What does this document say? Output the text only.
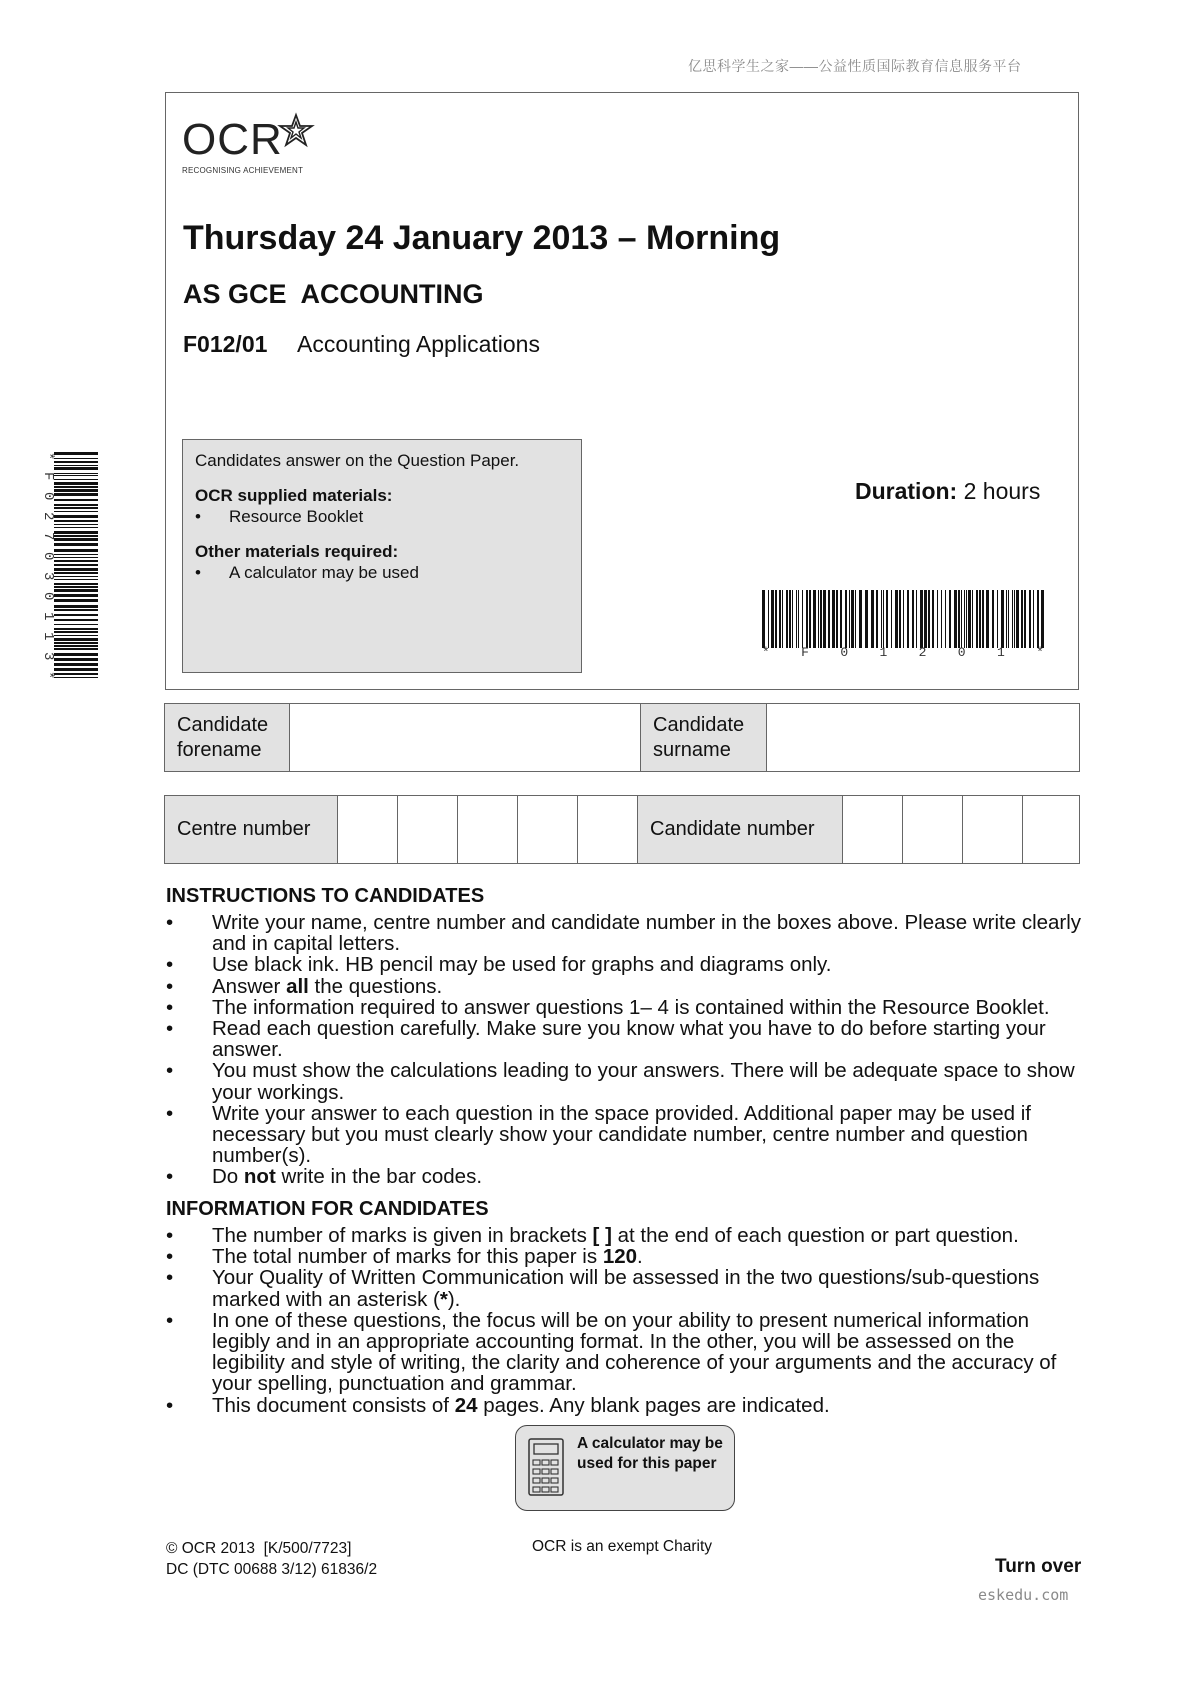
亿思科学生之家——公益性质国际教育信息服务平台
OCR
RECOGNISING ACHIEVEMENT
Thursday 24 January 2013 – Morning
AS GCE  ACCOUNTING
F012/01 Accounting Applications

Candidates answer on the Question Paper.

OCR supplied materials:

•	Resource Booklet

Other materials required:

•	A calculator may be used
Duration: 2 hours
* F 0 1 2 0 1 *
*
F
0
2
7
0
3
0
1
1
3
*
Candidate forename
Candidate surname
Centre number	Candidate number
INSTRUCTIONS TO CANDIDATES
•	Write your name, centre number and candidate number in the boxes above. Please write clearly and in capital letters.
•	Use black ink. HB pencil may be used for graphs and diagrams only.
•	Answer all the questions.
•	The information required to answer questions 1– 4 is contained within the Resource Booklet.
•	Read each question carefully. Make sure you know what you have to do before starting your answer.
•	You must show the calculations leading to your answers. There will be adequate space to show your workings.
•	Write your answer to each question in the space provided. Additional paper may be used if necessary but you must clearly show your candidate number, centre number and question number(s).
•	Do not write in the bar codes.
INFORMATION FOR CANDIDATES
•	The number of marks is given in brackets [ ] at the end of each question or part question.
•	The total number of marks for this paper is 120.
•	Your Quality of Written Communication will be assessed in the two questions/sub-questions marked with an asterisk (*).
•	In one of these questions, the focus will be on your ability to present numerical information legibly and in an appropriate accounting format. In the other, you will be assessed on the legibility and style of writing, the clarity and coherence of your arguments and the accuracy of your spelling, punctuation and grammar.
•	This document consists of 24 pages. Any blank pages are indicated.
A calculator may be used for this paper
© OCR 2013  [K/500/7723]
DC (DTC 00688 3/12) 61836/2
OCR is an exempt Charity
Turn over
eskedu.com
